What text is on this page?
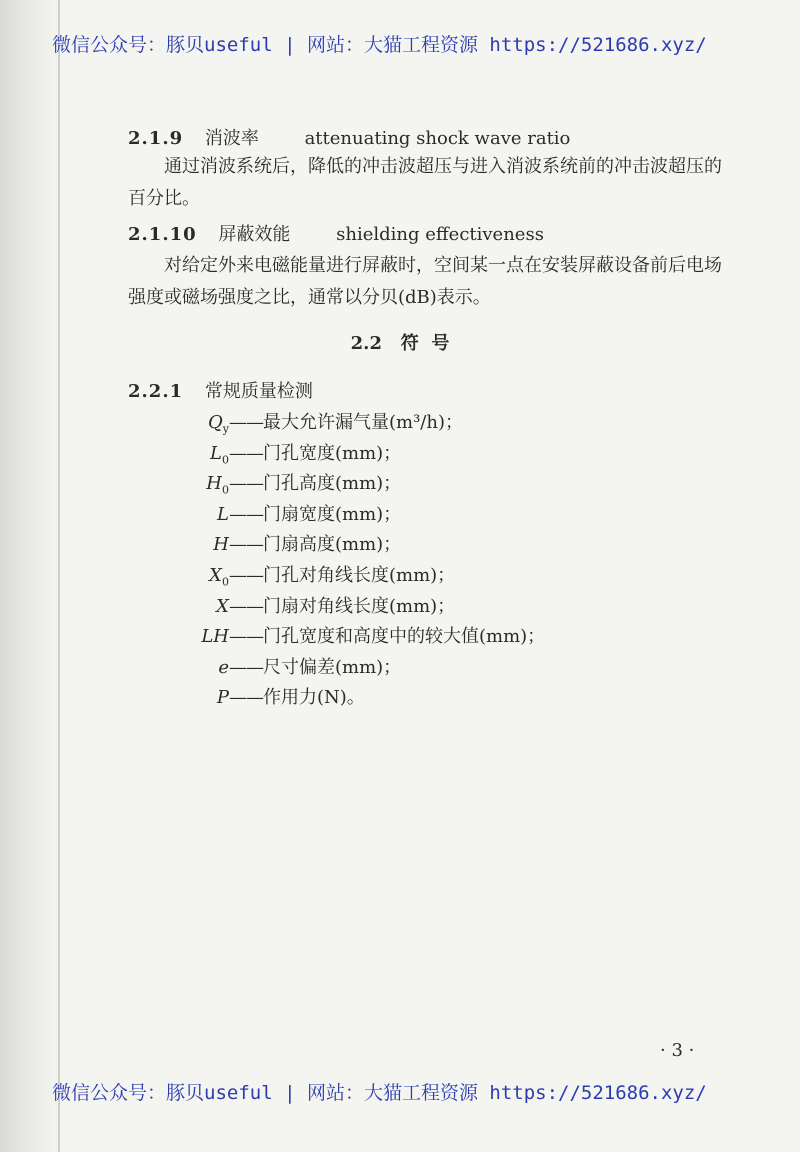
微信公众号：豚贝useful | 网站：大猫工程资源 https://521686.xyz/
2.1.9 消波率	attenuating shock wave ratio
通过消波系统后，降低的冲击波超压与进入消波系统前的冲击波超压的百分比。
2.1.10 屏蔽效能	shielding effectiveness
对给定外来电磁能量进行屏蔽时，空间某一点在安装屏蔽设备前后电场强度或磁场强度之比，通常以分贝(dB)表示。
2.2 符  号
2.2.1 常规质量检测
$Q_y——$最大允许漏气量(m³/h)；
$L_0——$门孔宽度(mm)；
$H_0——$门孔高度(mm)；
L——门扇宽度(mm)；
H——门扇高度(mm)；
$X_0——$门孔对角线长度(mm)；
X——门扇对角线长度(mm)；
LH——门孔宽度和高度中的较大值(mm)；
e——尺寸偏差(mm)；
P——作用力(N)。
· 3 ·
微信公众号：豚贝useful | 网站：大猫工程资源 https://521686.xyz/
